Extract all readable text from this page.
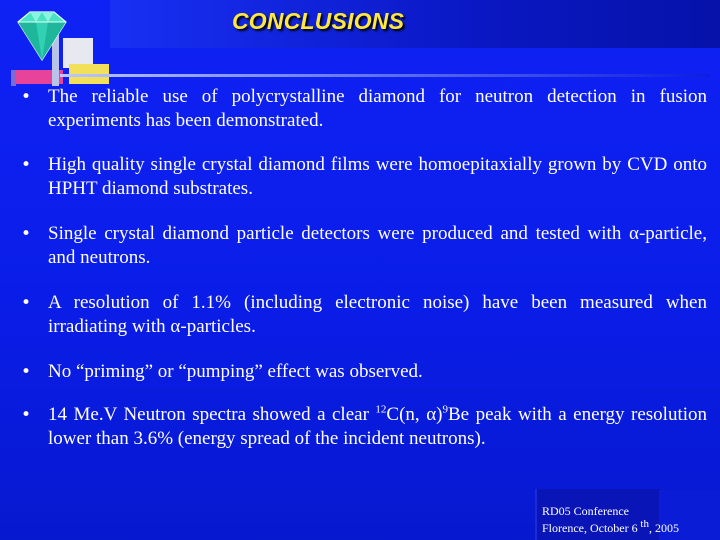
CONCLUSIONS
• The reliable use of polycrystalline diamond for neutron detection in fusion experiments has been demonstrated.
• High quality single crystal diamond films were homoepitaxially grown by CVD onto HPHT diamond substrates.
• Single crystal diamond particle detectors were produced and tested with α-particle, and neutrons.
• A resolution of 1.1% (including electronic noise) have been measured when irradiating with α-particles.
• No “priming” or “pumping” effect was observed.
• 14 Me.V Neutron spectra showed a clear $^{12}$C(n, α)$^9$Be peak with a energy resolution lower than 3.6% (energy spread of the incident neutrons).
RD05 Conference
Florence, October 6 $^{th}$, 2005
